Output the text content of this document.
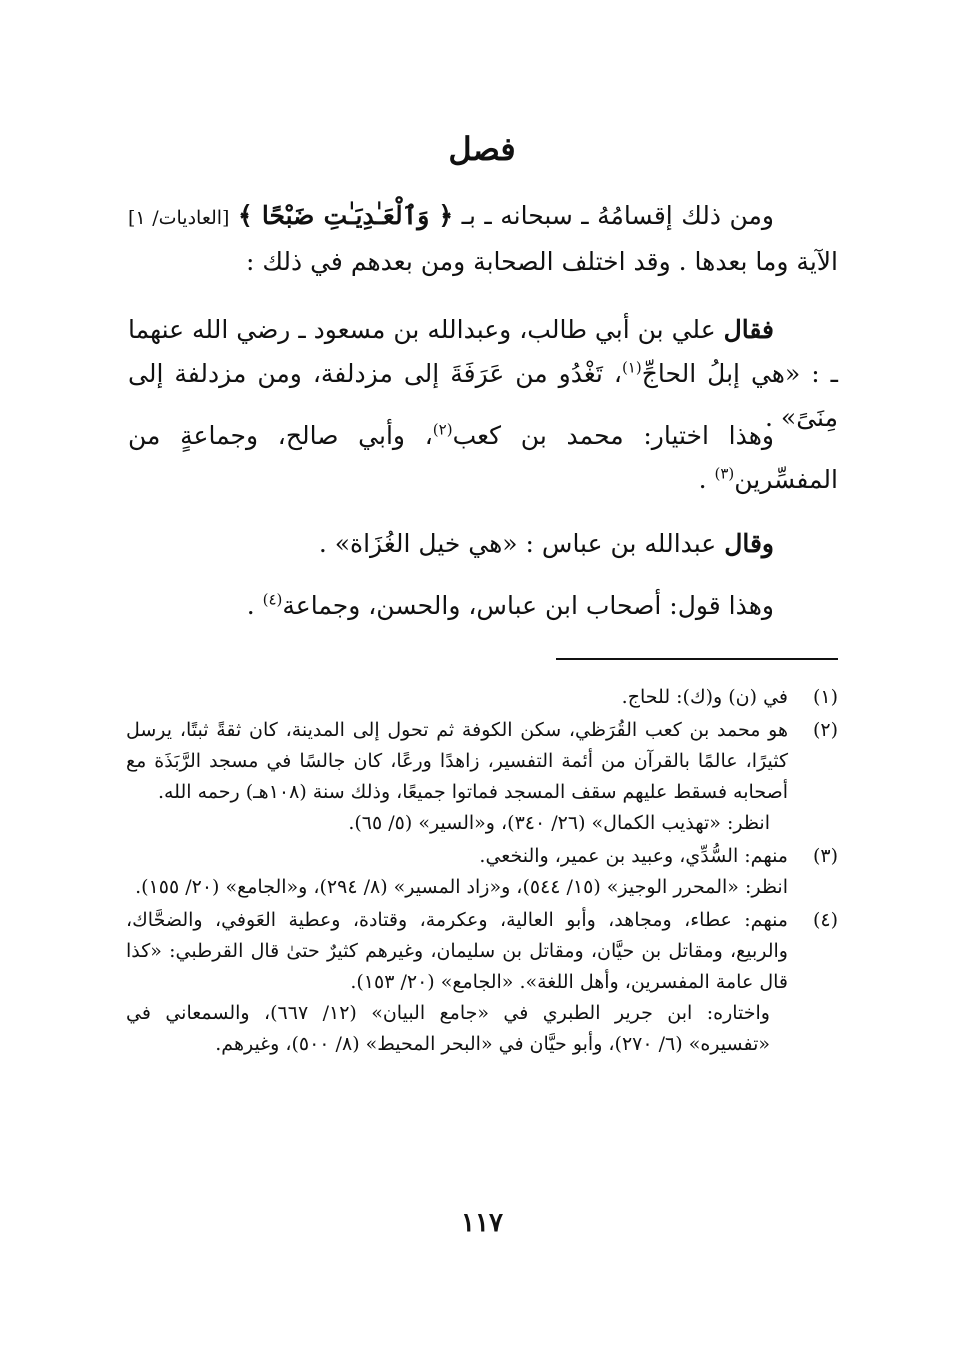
فصل
ومن ذلك إقسامُهُ ـ سبحانه ـ بـ ﴿ وَٱلْعَـٰدِيَـٰتِ ضَبْحًا ﴾ [العاديات/ ١] الآية وما بعدها . وقد اختلف الصحابة ومن بعدهم في ذلك :
فقال علي بن أبي طالب، وعبدالله بن مسعود ـ رضي الله عنهما ـ : «هي إبلُ الحاجِّ$^{(١)}$، تَغْدُو من عَرَفَةَ إلى مزدلفة، ومن مزدلفة إلى مِنَىً» .
وهذا اختيار: محمد بن كعب$^{(٢)}$، وأبي صالح، وجماعةٍ من المفسِّرين$^{(٣)}$ .
وقال عبدالله بن عباس : «هي خيل الغُزَاة» .
وهذا قول: أصحاب ابن عباس، والحسن، وجماعة$^{(٤)}$ .
(١)
في (ن) و(ك): للحاج.
(٢)
هو محمد بن كعب القُرَظي، سكن الكوفة ثم تحول إلى المدينة، كان ثقةً ثبتًا، يرسل كثيرًا، عالمًا بالقرآن من أئمة التفسير، زاهدًا ورعًا، كان جالسًا في مسجد الرَّبَذَة مع أصحابه فسقط عليهم سقف المسجد فماتوا جميعًا، وذلك سنة (١٠٨هـ) رحمه الله.
انظر: «تهذيب الكمال» (٢٦/ ٣٤٠)، و«السير» (٥/ ٦٥).
(٣)
منهم: السُّدِّي، وعبيد بن عمير، والنخعي.
انظر: «المحرر الوجيز» (١٥/ ٥٤٤)، و«زاد المسير» (٨/ ٢٩٤)، و«الجامع» (٢٠/ ١٥٥).
(٤)
منهم: عطاء، ومجاهد، وأبو العالية، وعكرمة، وقتادة، وعطية العَوفي، والضحَّاك، والربيع، ومقاتل بن حيَّان، ومقاتل بن سليمان، وغيرهم كثيرٌ حتىٰ قال القرطبي: «كذا قال عامة المفسرين، وأهل اللغة». «الجامع» (٢٠/ ١٥٣).
واختاره: ابن جرير الطبري في «جامع البيان» (١٢/ ٦٦٧)، والسمعاني في «تفسيره» (٦/ ٢٧٠)، وأبو حيَّان في «البحر المحيط» (٨/ ٥٠٠)، وغيرهم.
١١٧
